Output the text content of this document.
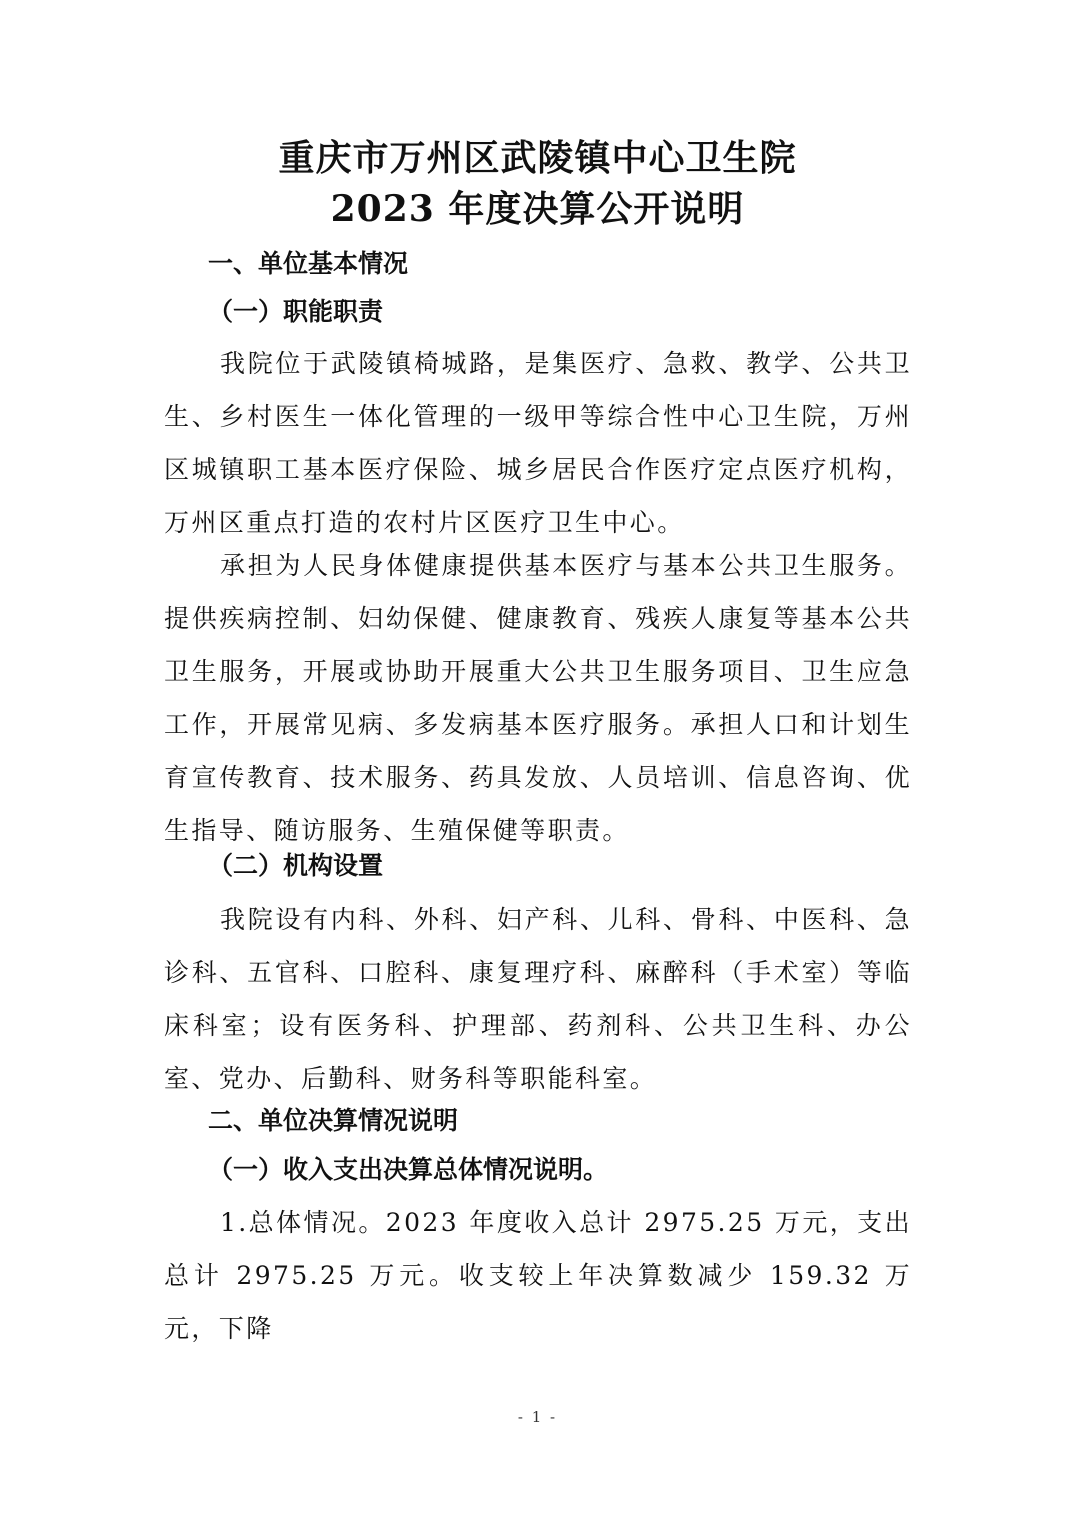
重庆市万州区武陵镇中心卫生院
2023 年度决算公开说明
一、单位基本情况
（一）职能职责

我院位于武陵镇椅城路，是集医疗、急救、教学、公共卫生、乡村医生一体化管理的一级甲等综合性中心卫生院，万州区城镇职工基本医疗保险、城乡居民合作医疗定点医疗机构，万州区重点打造的农村片区医疗卫生中心。

承担为人民身体健康提供基本医疗与基本公共卫生服务。提供疾病控制、妇幼保健、健康教育、残疾人康复等基本公共卫生服务，开展或协助开展重大公共卫生服务项目、卫生应急工作，开展常见病、多发病基本医疗服务。承担人口和计划生育宣传教育、技术服务、药具发放、人员培训、信息咨询、优生指导、随访服务、生殖保健等职责。

（二）机构设置

我院设有内科、外科、妇产科、儿科、骨科、中医科、急诊科、五官科、口腔科、康复理疗科、麻醉科（手术室）等临床科室；设有医务科、护理部、药剂科、公共卫生科、办公室、党办、后勤科、财务科等职能科室。

二、单位决算情况说明
（一）收入支出决算总体情况说明。

1.总体情况。2023 年度收入总计 2975.25 万元，支出总计 2975.25 万元。收支较上年决算数减少 159.32 万元，下降

- 1 -
